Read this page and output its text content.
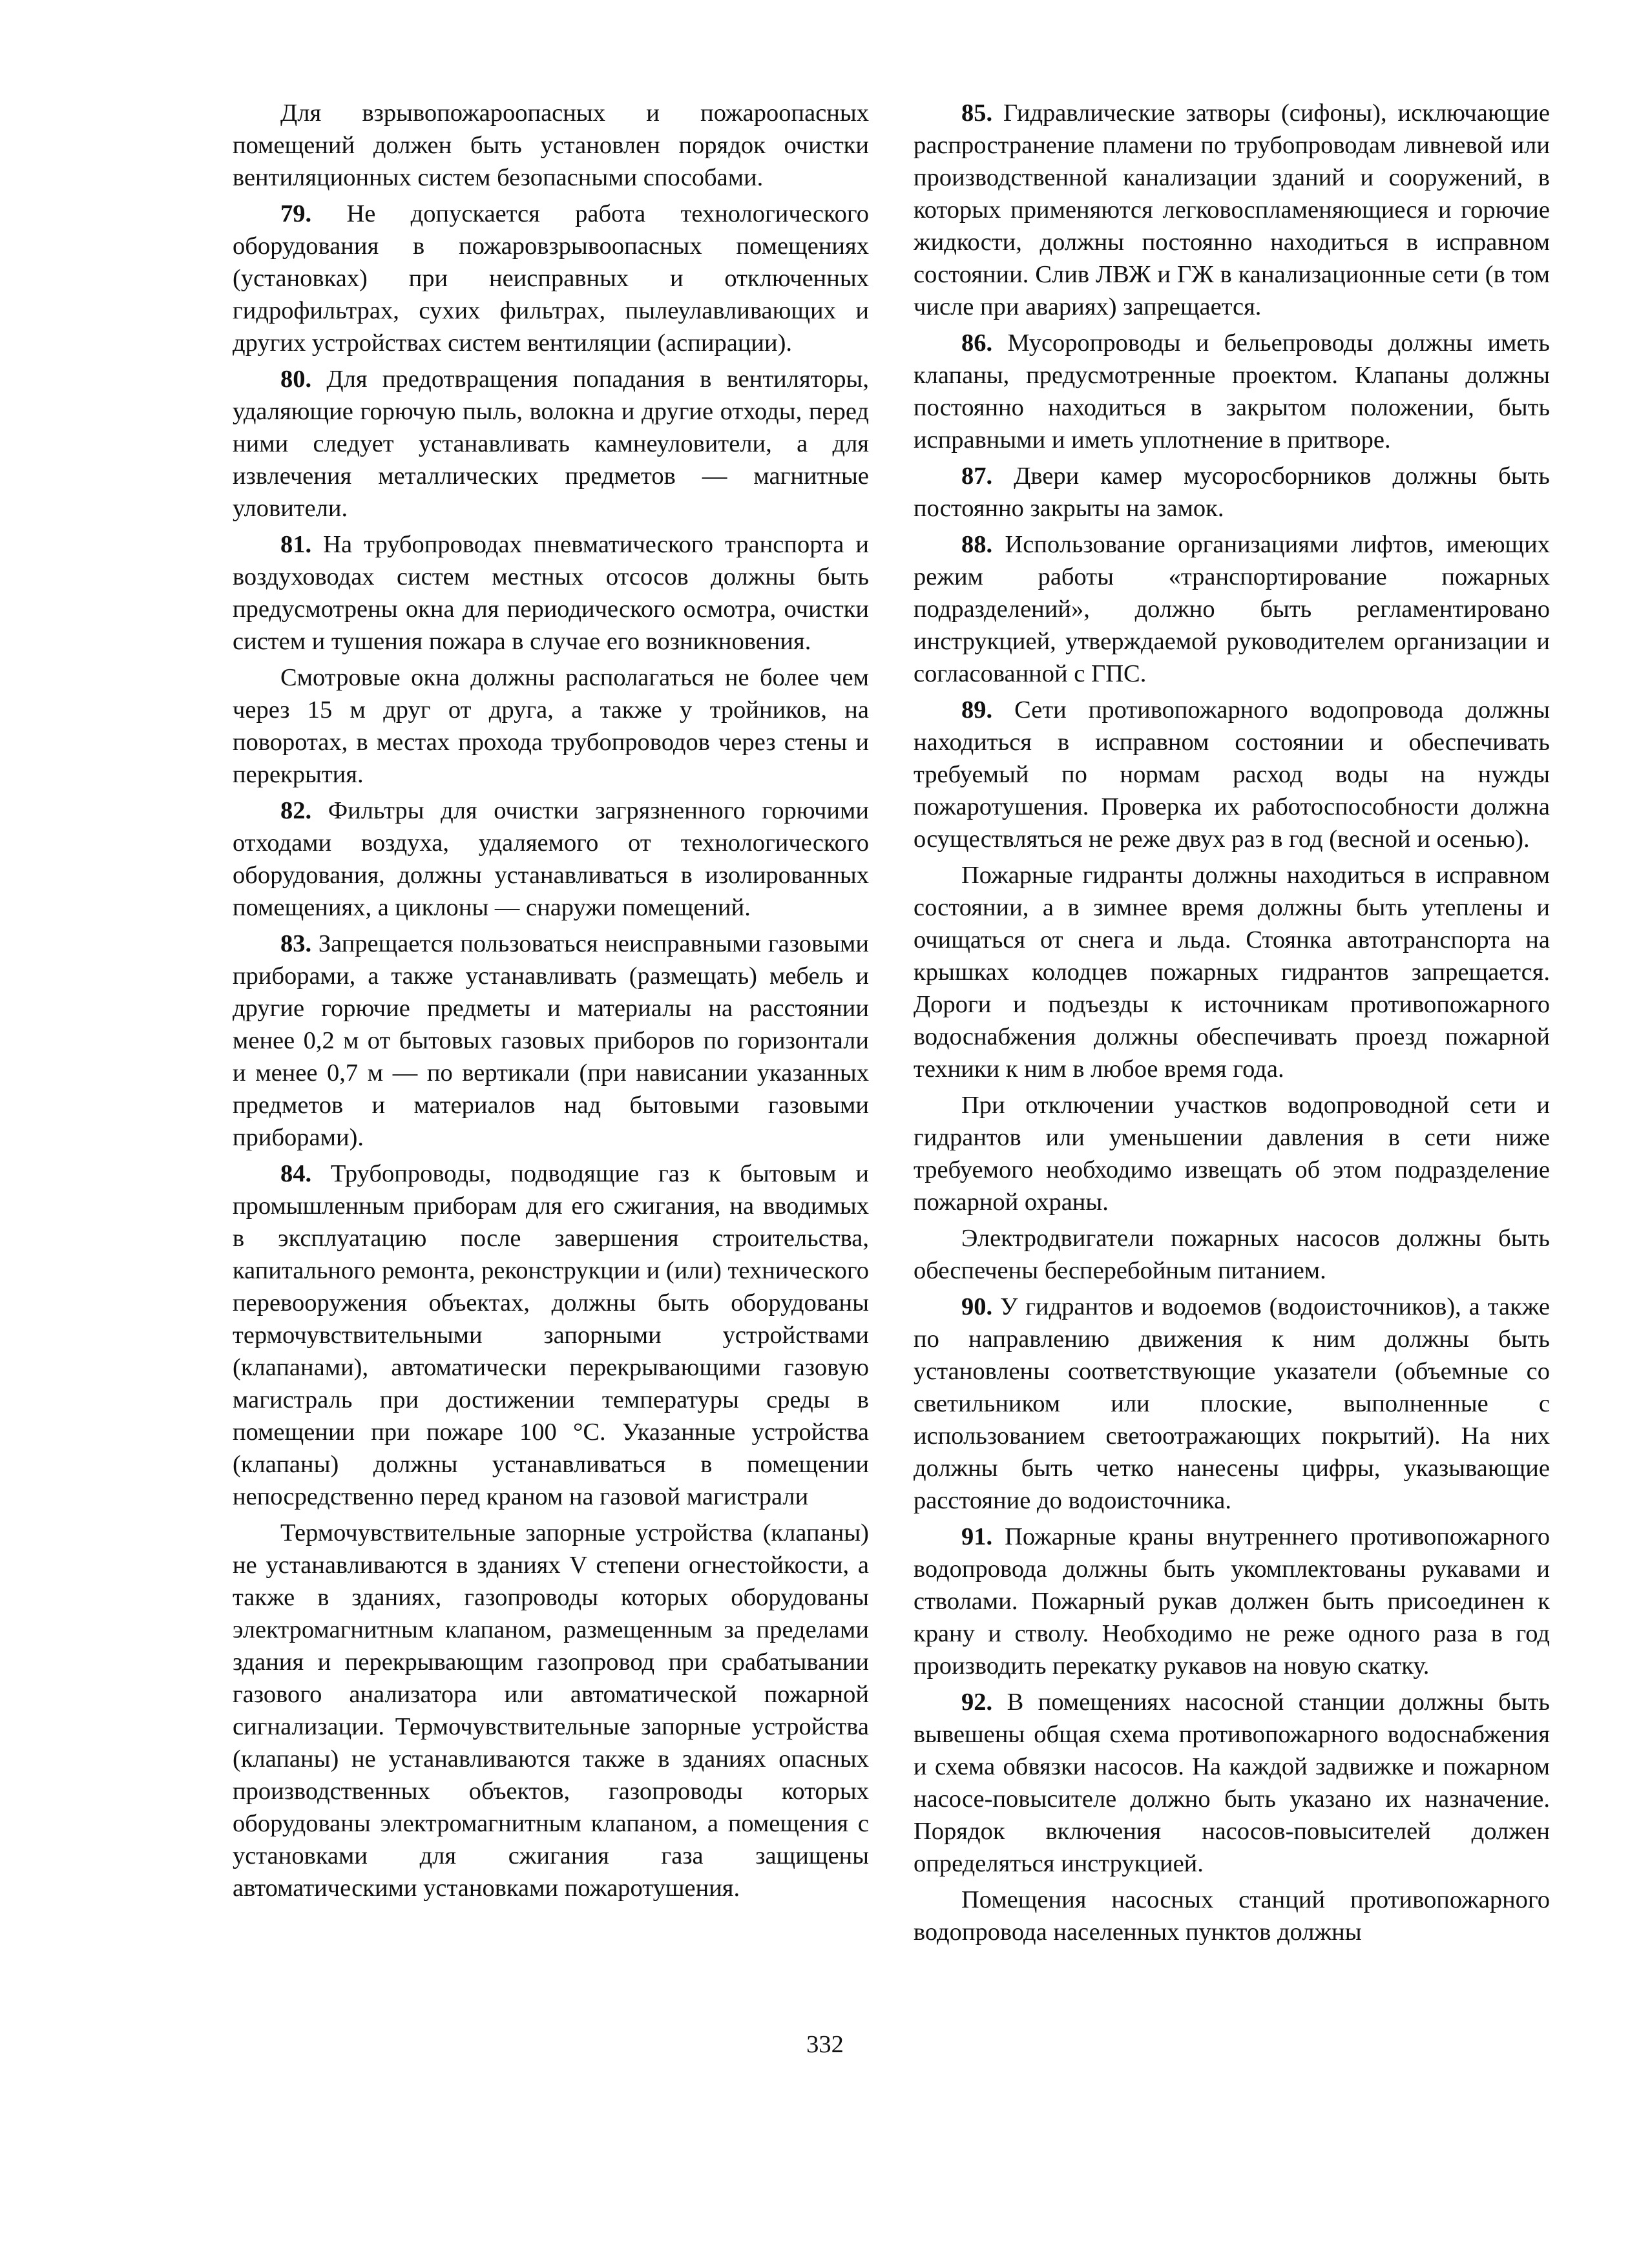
Для взрывопожароопасных и пожароопасных помещений должен быть установлен порядок очистки вентиляционных систем безопасными способами.

79. Не допускается работа технологического оборудования в пожаровзрывоопасных помещениях (установках) при неисправных и отключенных гидрофильтрах, сухих фильтрах, пылеулавливающих и других устройствах систем вентиляции (аспирации).

80. Для предотвращения попадания в вентиляторы, удаляющие горючую пыль, волокна и другие отходы, перед ними следует устанавливать камнеуловители, а для извлечения металлических предметов — магнитные уловители.

81. На трубопроводах пневматического транспорта и воздуховодах систем местных отсосов должны быть предусмотрены окна для периодического осмотра, очистки систем и тушения пожара в случае его возникновения.

Смотровые окна должны располагаться не более чем через 15 м друг от друга, а также у тройников, на поворотах, в местах прохода трубопроводов через стены и перекрытия.

82. Фильтры для очистки загрязненного горючими отходами воздуха, удаляемого от технологического оборудования, должны устанавливаться в изолированных помещениях, а циклоны — снаружи помещений.

83. Запрещается пользоваться неисправными газовыми приборами, а также устанавливать (размещать) мебель и другие горючие предметы и материалы на расстоянии менее 0,2 м от бытовых газовых приборов по горизонтали и менее 0,7 м — по вертикали (при нависании указанных предметов и материалов над бытовыми газовыми приборами).

84. Трубопроводы, подводящие газ к бытовым и промышленным приборам для его сжигания, на вводимых в эксплуатацию после завершения строительства, капитального ремонта, реконструкции и (или) технического перевооружения объектах, должны быть оборудованы термочувствительными запорными устройствами (клапанами), автоматически перекрывающими газовую магистраль при достижении температуры среды в помещении при пожаре 100 °С. Указанные устройства (клапаны) должны устанавливаться в помещении непосредственно перед краном на газовой магистрали

Термочувствительные запорные устройства (клапаны) не устанавливаются в зданиях V степени огнестойкости, а также в зданиях, газопроводы которых оборудованы электромагнитным клапаном, размещенным за пределами здания и перекрывающим газопровод при срабатывании газового анализатора или автоматической пожарной сигнализации. Термочувствительные запорные устройства (клапаны) не устанавливаются также в зданиях опасных производственных объектов, газопроводы которых оборудованы электромагнитным клапаном, а помещения с установками для сжигания газа защищены автоматическими установками пожаротушения.

85. Гидравлические затворы (сифоны), исключающие распространение пламени по трубопроводам ливневой или производственной канализации зданий и сооружений, в которых применяются легковоспламеняющиеся и горючие жидкости, должны постоянно находиться в исправном состоянии. Слив ЛВЖ и ГЖ в канализационные сети (в том числе при авариях) запрещается.

86. Мусоропроводы и бельепроводы должны иметь клапаны, предусмотренные проектом. Клапаны должны постоянно находиться в закрытом положении, быть исправными и иметь уплотнение в притворе.

87. Двери камер мусоросборников должны быть постоянно закрыты на замок.

88. Использование организациями лифтов, имеющих режим работы «транспортирование пожарных подразделений», должно быть регламентировано инструкцией, утверждаемой руководителем организации и согласованной с ГПС.

89. Сети противопожарного водопровода должны находиться в исправном состоянии и обеспечивать требуемый по нормам расход воды на нужды пожаротушения. Проверка их работоспособности должна осуществляться не реже двух раз в год (весной и осенью).

Пожарные гидранты должны находиться в исправном состоянии, а в зимнее время должны быть утеплены и очищаться от снега и льда. Стоянка автотранспорта на крышках колодцев пожарных гидрантов запрещается. Дороги и подъезды к источникам противопожарного водоснабжения должны обеспечивать проезд пожарной техники к ним в любое время года.

При отключении участков водопроводной сети и гидрантов или уменьшении давления в сети ниже требуемого необходимо извещать об этом подразделение пожарной охраны.

Электродвигатели пожарных насосов должны быть обеспечены бесперебойным питанием.

90. У гидрантов и водоемов (водоисточников), а также по направлению движения к ним должны быть установлены соответствующие указатели (объемные со светильником или плоские, выполненные с использованием светоотражающих покрытий). На них должны быть четко нанесены цифры, указывающие расстояние до водоисточника.

91. Пожарные краны внутреннего противопожарного водопровода должны быть укомплектованы рукавами и стволами. Пожарный рукав должен быть присоединен к крану и стволу. Необходимо не реже одного раза в год производить перекатку рукавов на новую скатку.

92. В помещениях насосной станции должны быть вывешены общая схема противопожарного водоснабжения и схема обвязки насосов. На каждой задвижке и пожарном насосе-повысителе должно быть указано их назначение. Порядок включения насосов-повысителей должен определяться инструкцией.

Помещения насосных станций противопожарного водопровода населенных пунктов должны

332
